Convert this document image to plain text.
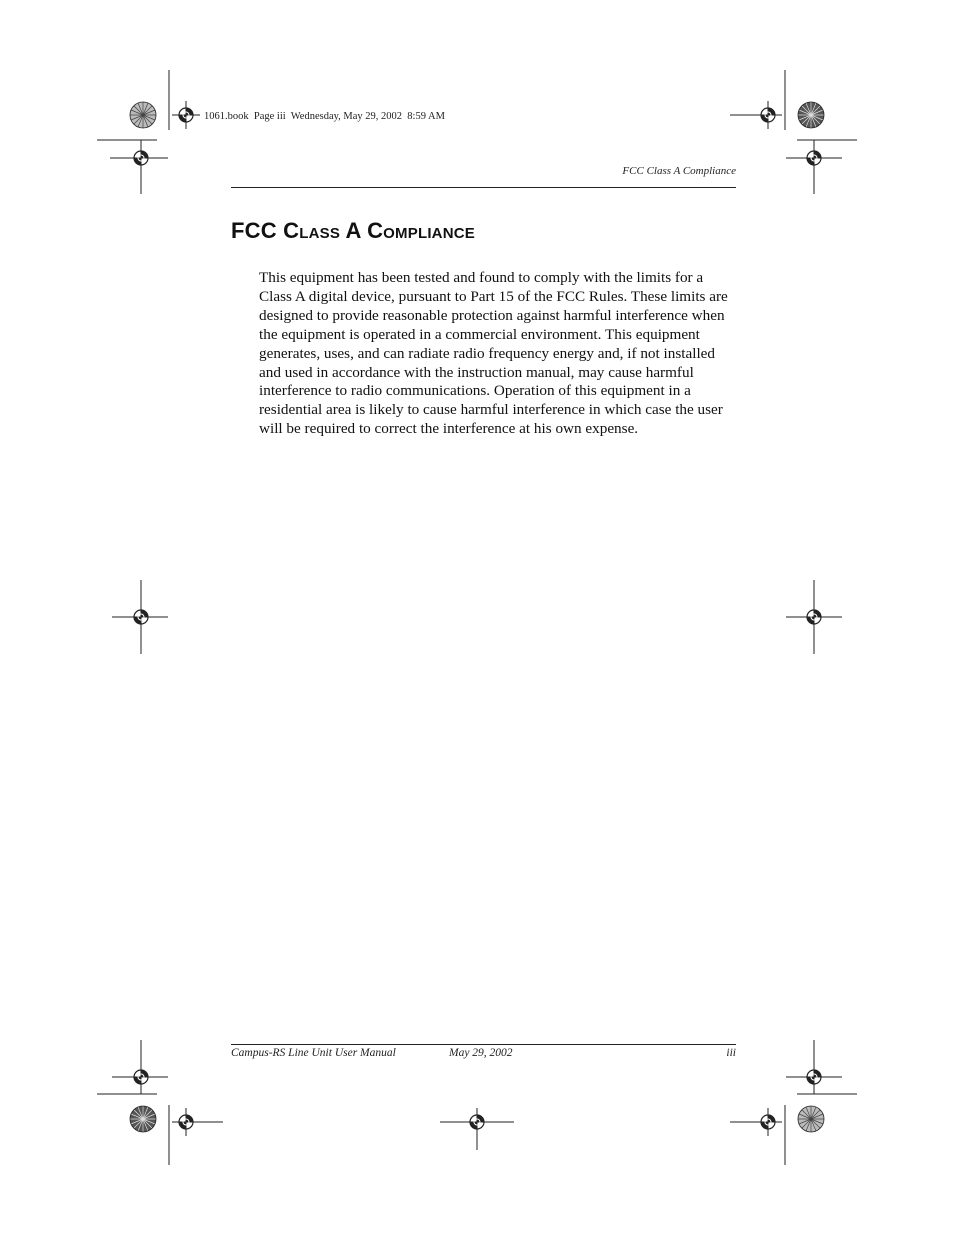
1061.book  Page iii  Wednesday, May 29, 2002  8:59 AM
FCC Class A Compliance
FCC Class A Compliance

This equipment has been tested and found to comply with the limits for a Class A digital device, pursuant to Part 15 of the FCC Rules. These limits are designed to provide reasonable protection against harmful interference when the equipment is operated in a commercial environment. This equipment generates, uses, and can radiate radio frequency energy and, if not installed and used in accordance with the instruction manual, may cause harmful interference to radio communications. Operation of this equipment in a residential area is likely to cause harmful interference in which case the user will be required to correct the interference at his own expense.

Campus-RS Line Unit User Manual	May 29, 2002	iii
